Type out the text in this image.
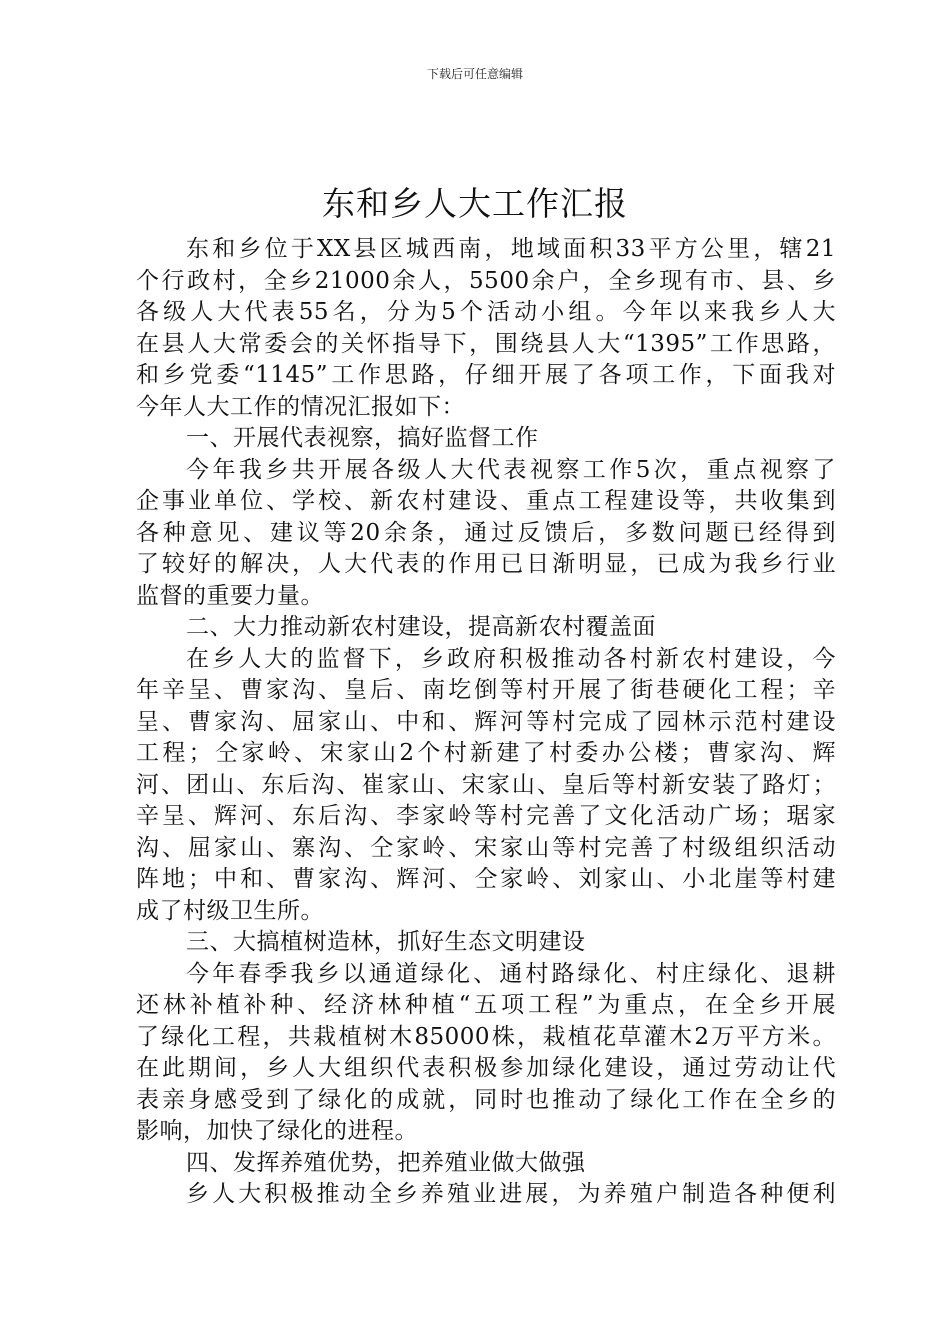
下载后可任意编辑
东和乡人大工作汇报
东和乡位于XX县区城西南，地域面积33平方公里，辖21
个行政村，全乡21000余人，5500余户，全乡现有市、县、乡
各级人大代表55名，分为5个活动小组。今年以来我乡人大
在县人大常委会的关怀指导下，围绕县人大“1395”工作思路，
和乡党委“1145”工作思路，仔细开展了各项工作，下面我对
今年人大工作的情况汇报如下：
一、开展代表视察，搞好监督工作
今年我乡共开展各级人大代表视察工作5次，重点视察了
企事业单位、学校、新农村建设、重点工程建设等，共收集到
各种意见、建议等20余条，通过反馈后，多数问题已经得到
了较好的解决，人大代表的作用已日渐明显，已成为我乡行业
监督的重要力量。
二、大力推动新农村建设，提高新农村覆盖面
在乡人大的监督下，乡政府积极推动各村新农村建设，今
年辛呈、曹家沟、皇后、南圪倒等村开展了街巷硬化工程；辛
呈、曹家沟、屈家山、中和、辉河等村完成了园林示范村建设
工程；仝家岭、宋家山2个村新建了村委办公楼；曹家沟、辉
河、团山、东后沟、崔家山、宋家山、皇后等村新安装了路灯；
辛呈、辉河、东后沟、李家岭等村完善了文化活动广场；琚家
沟、屈家山、寨沟、仝家岭、宋家山等村完善了村级组织活动
阵地；中和、曹家沟、辉河、仝家岭、刘家山、小北崖等村建
成了村级卫生所。
三、大搞植树造林，抓好生态文明建设
今年春季我乡以通道绿化、通村路绿化、村庄绿化、退耕
还林补植补种、经济林种植“五项工程”为重点，在全乡开展
了绿化工程，共栽植树木85000株，栽植花草灌木2万平方米。
在此期间，乡人大组织代表积极参加绿化建设，通过劳动让代
表亲身感受到了绿化的成就，同时也推动了绿化工作在全乡的
影响，加快了绿化的进程。
四、发挥养殖优势，把养殖业做大做强
乡人大积极推动全乡养殖业进展，为养殖户制造各种便利
